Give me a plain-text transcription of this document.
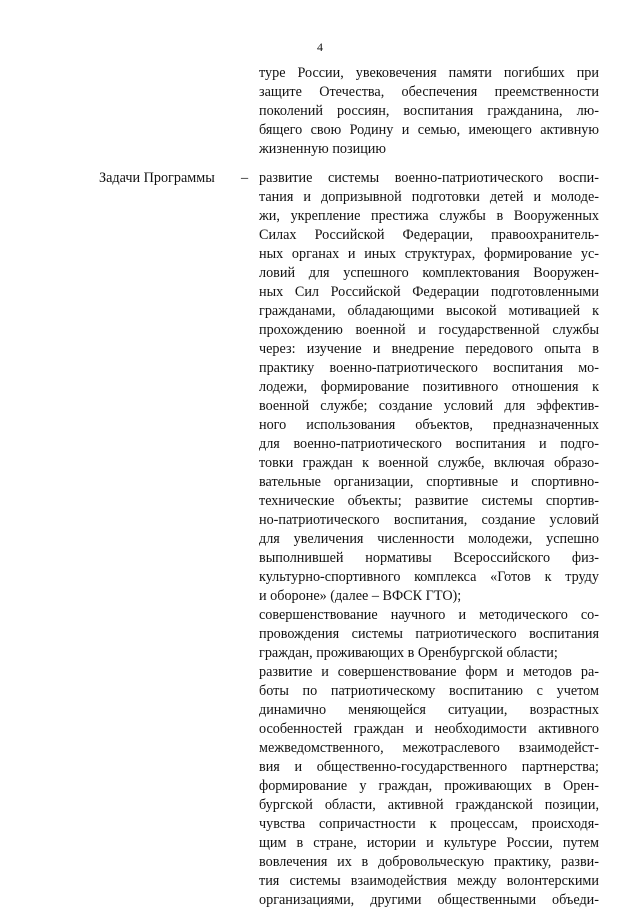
4
туре России, увековечения памяти погибших при
защите Отечества, обеспечения преемственности
поколений россиян, воспитания гражданина, лю-
бящего свою Родину и семью, имеющего активную
жизненную позицию
Задачи Программы – развитие системы военно-патриотического воспи-
тания и допризывной подготовки детей и молоде-
жи, укрепление престижа службы в Вооруженных
Силах Российской Федерации, правоохранитель-
ных органах и иных структурах, формирование ус-
ловий для успешного комплектования Вооружен-
ных Сил Российской Федерации подготовленными
гражданами, обладающими высокой мотивацией к
прохождению военной и государственной службы
через: изучение и внедрение передового опыта в
практику военно-патриотического воспитания мо-
лодежи, формирование позитивного отношения к
военной службе; создание условий для эффектив-
ного использования объектов, предназначенных
для военно-патриотического воспитания и подго-
товки граждан к военной службе, включая образо-
вательные организации, спортивные и спортивно-
технические объекты; развитие системы спортив-
но-патриотического воспитания, создание условий
для увеличения численности молодежи, успешно
выполнившей нормативы Всероссийского физ-
культурно-спортивного комплекса «Готов к труду
и обороне» (далее – ВФСК ГТО);
совершенствование научного и методического со-
провождения системы патриотического воспитания
граждан, проживающих в Оренбургской области;
развитие и совершенствование форм и методов ра-
боты по патриотическому воспитанию с учетом
динамично меняющейся ситуации, возрастных
особенностей граждан и необходимости активного
межведомственного, межотраслевого взаимодейст-
вия и общественно-государственного партнерства;
формирование у граждан, проживающих в Орен-
бургской области, активной гражданской позиции,
чувства сопричастности к процессам, происходя-
щим в стране, истории и культуре России, путем
вовлечения их в добровольческую практику, разви-
тия системы взаимодействия между волонтерскими
организациями, другими общественными объеди-
